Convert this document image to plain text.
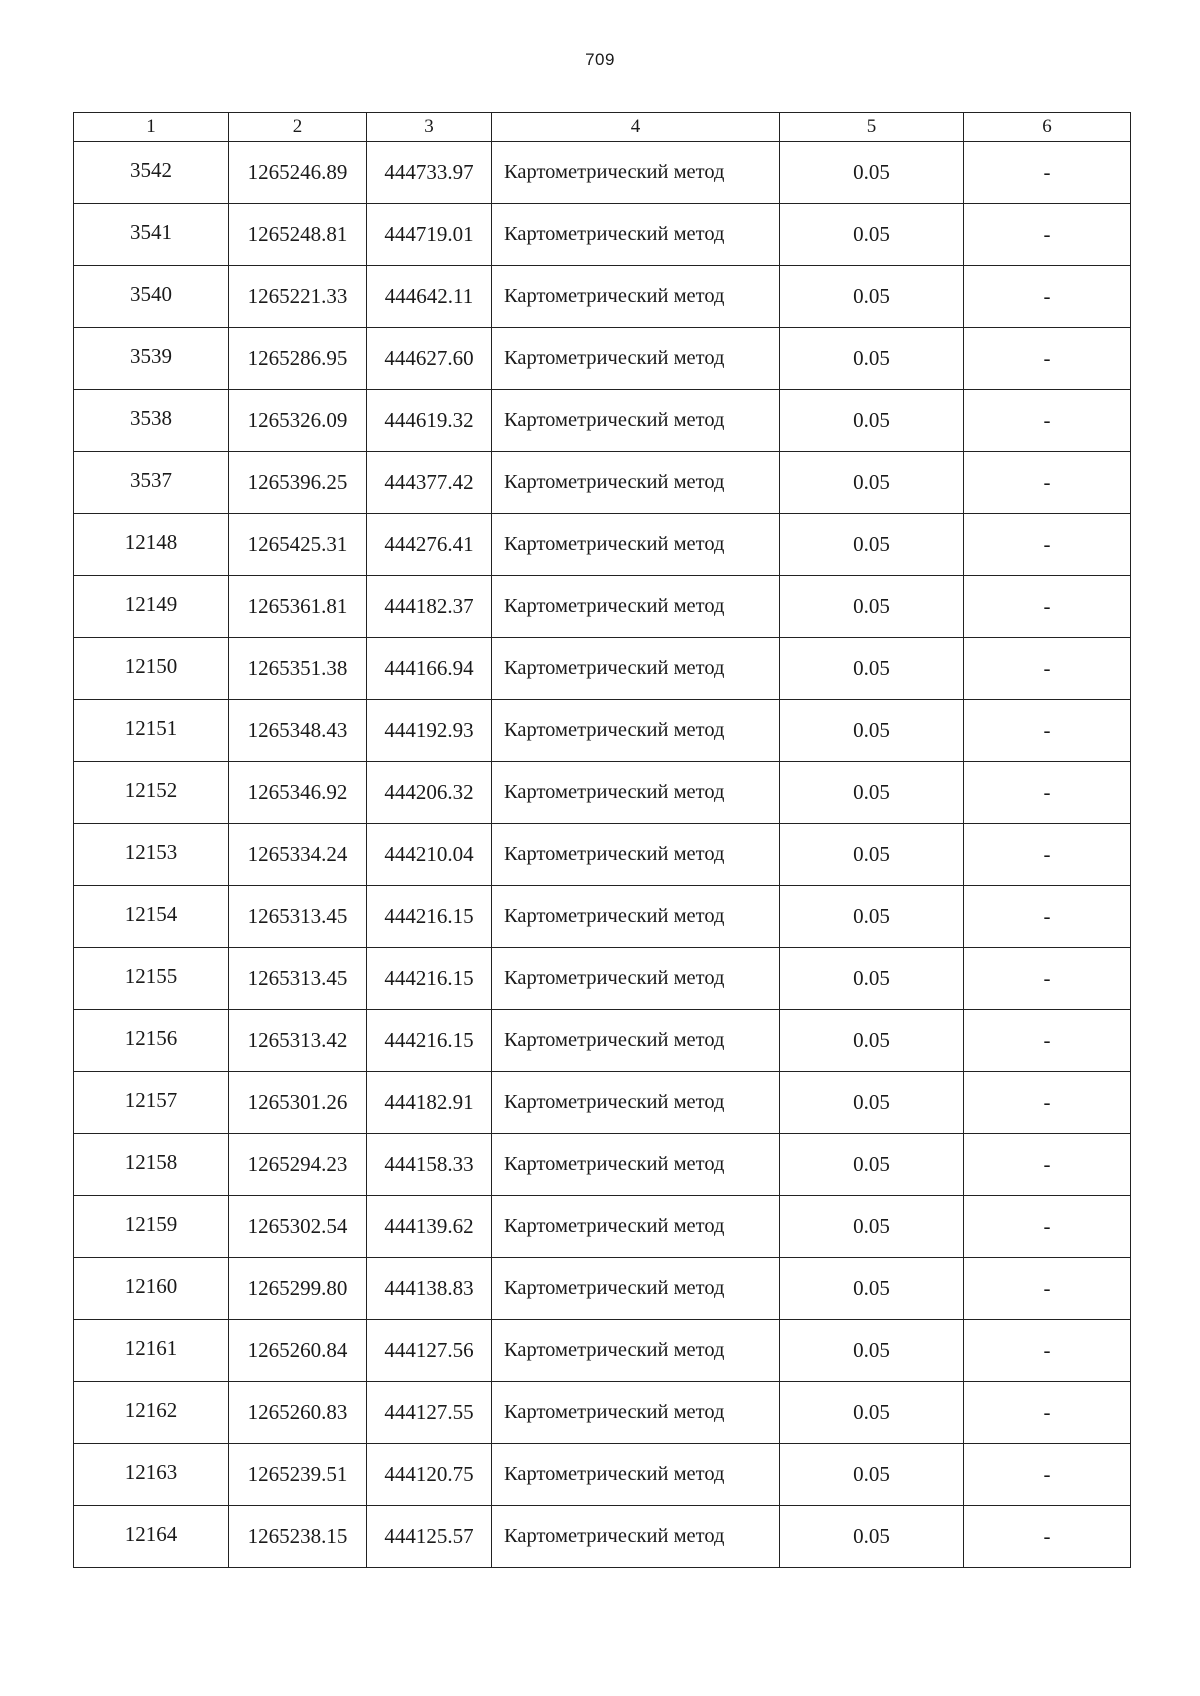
709
1	2	3	4	5	6
3542	1265246.89	444733.97	Картометрический метод	0.05	-
3541	1265248.81	444719.01	Картометрический метод	0.05	-
3540	1265221.33	444642.11	Картометрический метод	0.05	-
3539	1265286.95	444627.60	Картометрический метод	0.05	-
3538	1265326.09	444619.32	Картометрический метод	0.05	-
3537	1265396.25	444377.42	Картометрический метод	0.05	-
12148	1265425.31	444276.41	Картометрический метод	0.05	-
12149	1265361.81	444182.37	Картометрический метод	0.05	-
12150	1265351.38	444166.94	Картометрический метод	0.05	-
12151	1265348.43	444192.93	Картометрический метод	0.05	-
12152	1265346.92	444206.32	Картометрический метод	0.05	-
12153	1265334.24	444210.04	Картометрический метод	0.05	-
12154	1265313.45	444216.15	Картометрический метод	0.05	-
12155	1265313.45	444216.15	Картометрический метод	0.05	-
12156	1265313.42	444216.15	Картометрический метод	0.05	-
12157	1265301.26	444182.91	Картометрический метод	0.05	-
12158	1265294.23	444158.33	Картометрический метод	0.05	-
12159	1265302.54	444139.62	Картометрический метод	0.05	-
12160	1265299.80	444138.83	Картометрический метод	0.05	-
12161	1265260.84	444127.56	Картометрический метод	0.05	-
12162	1265260.83	444127.55	Картометрический метод	0.05	-
12163	1265239.51	444120.75	Картометрический метод	0.05	-
12164	1265238.15	444125.57	Картометрический метод	0.05	-
